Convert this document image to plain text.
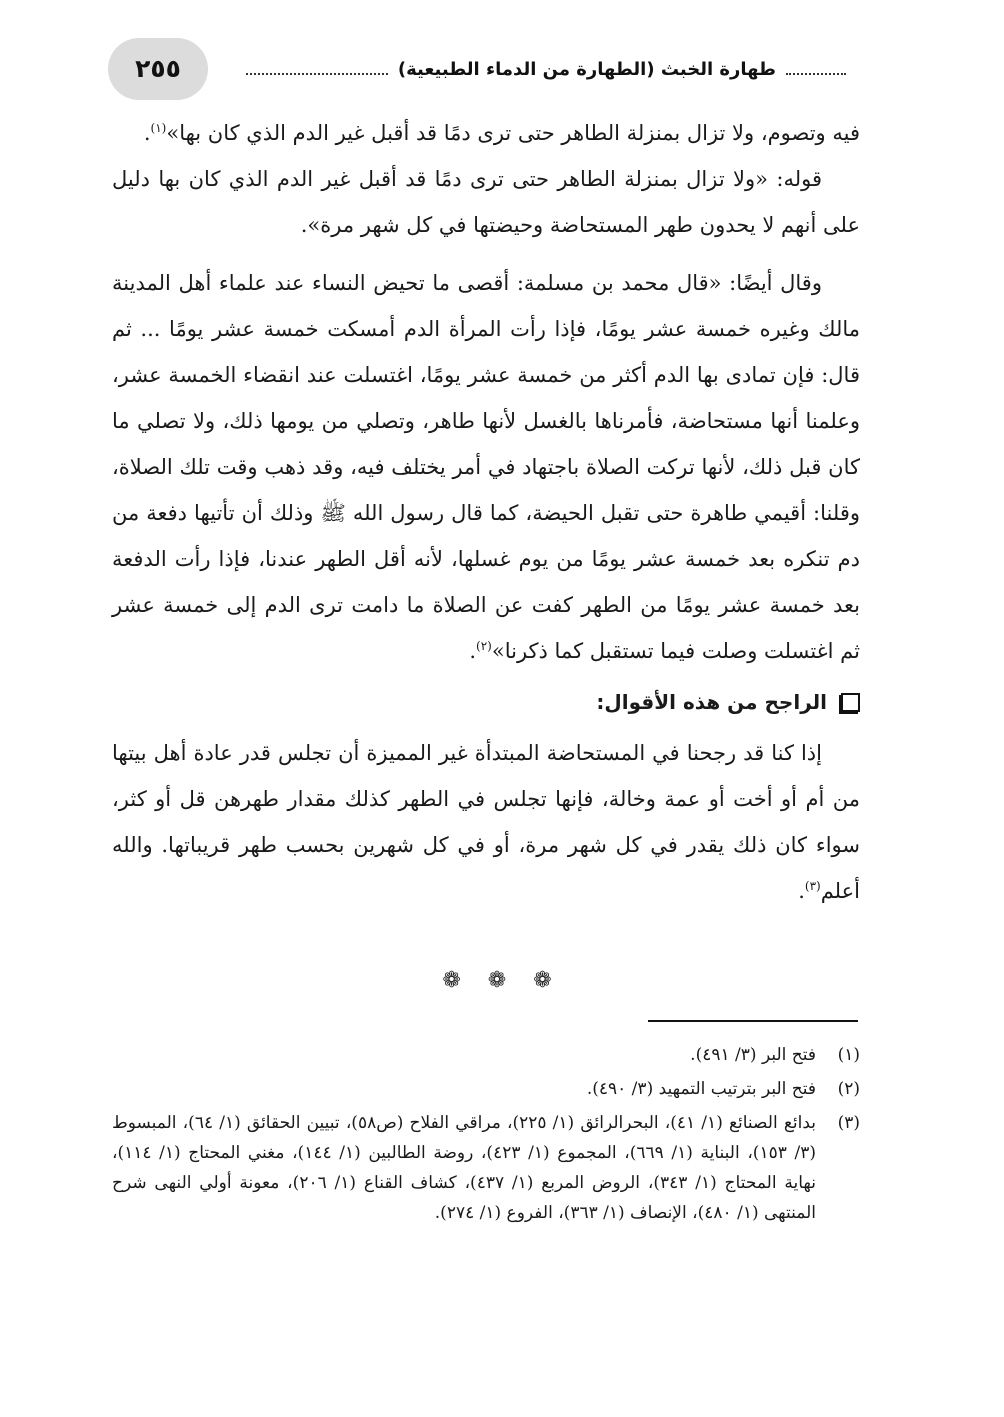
٢٥٥	طهارة الخبث (الطهارة من الدماء الطبيعية)

فيه وتصوم، ولا تزال بمنزلة الطاهر حتى ترى دمًا قد أقبل غير الدم الذي كان بها»$^{(١)}$.

قوله: «ولا تزال بمنزلة الطاهر حتى ترى دمًا قد أقبل غير الدم الذي كان بها دليل على أنهم لا يحدون طهر المستحاضة وحيضتها في كل شهر مرة».

وقال أيضًا: «قال محمد بن مسلمة: أقصى ما تحيض النساء عند علماء أهل المدينة مالك وغيره خمسة عشر يومًا، فإذا رأت المرأة الدم أمسكت خمسة عشر يومًا ... ثم قال: فإن تمادى بها الدم أكثر من خمسة عشر يومًا، اغتسلت عند انقضاء الخمسة عشر، وعلمنا أنها مستحاضة، فأمرناها بالغسل لأنها طاهر، وتصلي من يومها ذلك، ولا تصلي ما كان قبل ذلك، لأنها تركت الصلاة باجتهاد في أمر يختلف فيه، وقد ذهب وقت تلك الصلاة، وقلنا: أقيمي طاهرة حتى تقبل الحيضة، كما قال رسول الله ﷺ وذلك أن تأتيها دفعة من دم تنكره بعد خمسة عشر يومًا من يوم غسلها، لأنه أقل الطهر عندنا، فإذا رأت الدفعة بعد خمسة عشر يومًا من الطهر كفت عن الصلاة ما دامت ترى الدم إلى خمسة عشر ثم اغتسلت وصلت فيما تستقبل كما ذكرنا»$^{(٢)}$.

الراجح من هذه الأقوال:

إذا كنا قد رجحنا في المستحاضة المبتدأة غير المميزة أن تجلس قدر عادة أهل بيتها من أم أو أخت أو عمة وخالة، فإنها تجلس في الطهر كذلك مقدار طهرهن قل أو كثر، سواء كان ذلك يقدر في كل شهر مرة، أو في كل شهرين بحسب طهر قريباتها. والله أعلم$^{(٣)}$.

❁ ❁ ❁
(١)
فتح البر (٣/ ٤٩١).
(٢)
فتح البر بترتيب التمهيد (٣/ ٤٩٠).
(٣)
بدائع الصنائع (١/ ٤١)، البحرالرائق (١/ ٢٢٥)، مراقي الفلاح (ص٥٨)، تبيين الحقائق (١/ ٦٤)، المبسوط (٣/ ١٥٣)، البناية (١/ ٦٦٩)، المجموع (١/ ٤٢٣)، روضة الطالبين (١/ ١٤٤)، مغني المحتاج (١/ ١١٤)، نهاية المحتاج (١/ ٣٤٣)، الروض المربع (١/ ٤٣٧)، كشاف القناع (١/ ٢٠٦)، معونة أولي النهى شرح المنتهى (١/ ٤٨٠)، الإنصاف (١/ ٣٦٣)، الفروع (١/ ٢٧٤).
